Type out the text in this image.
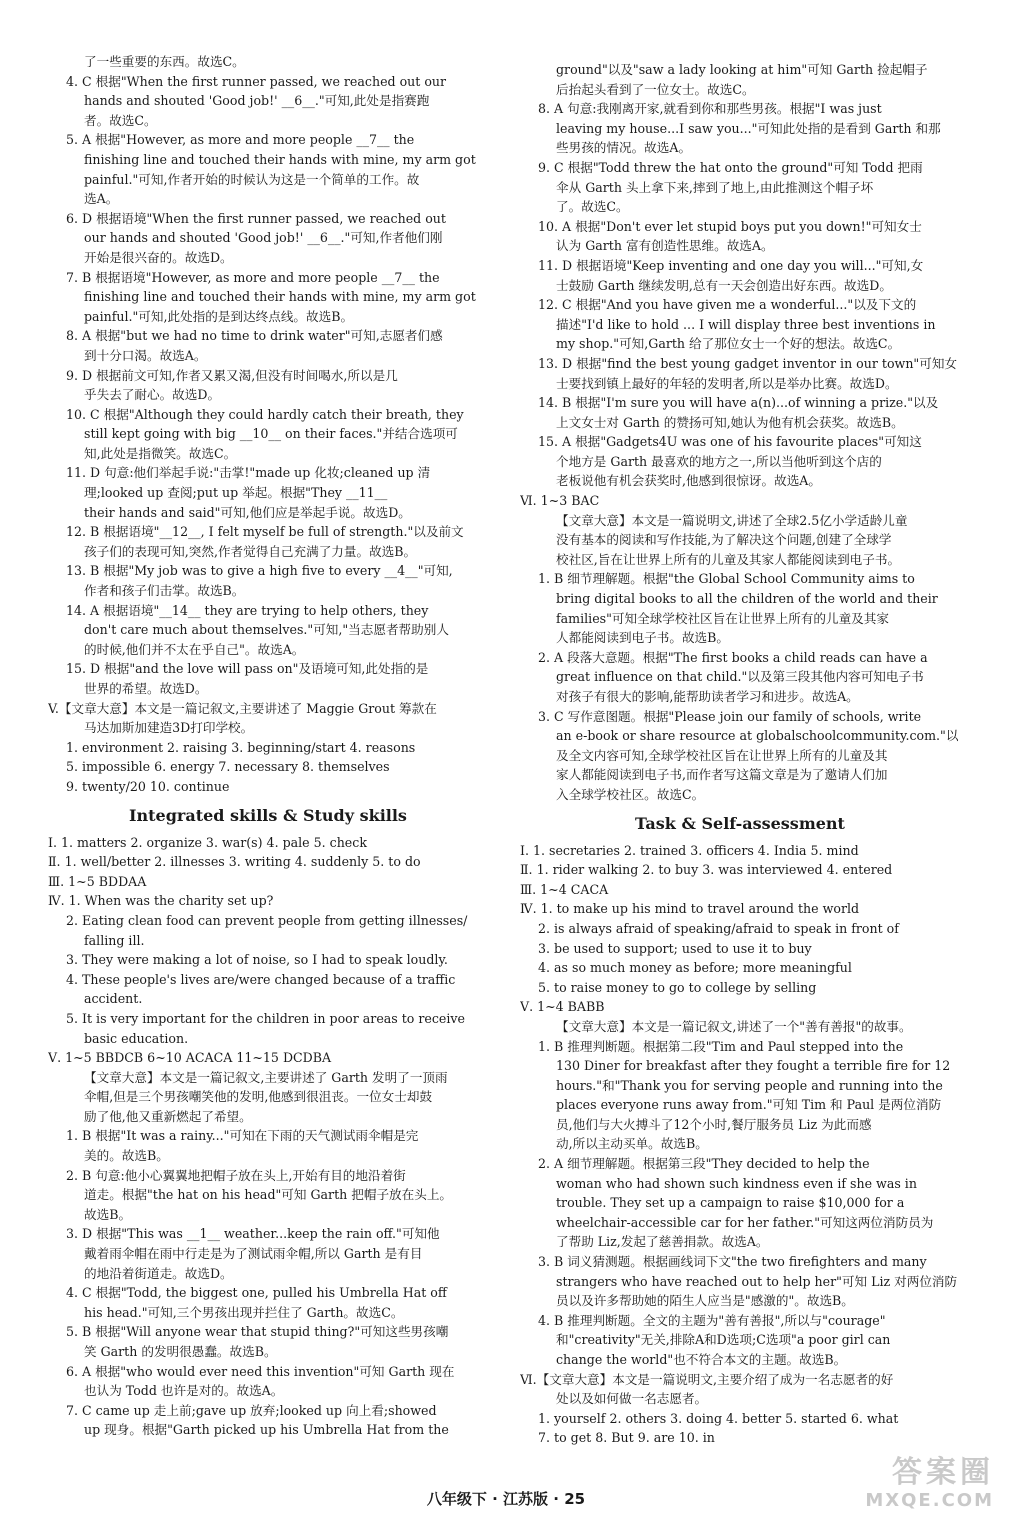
了一些重要的东西。故选C。
4. C 根据"When the first runner passed, we reached out our
hands and shouted 'Good job!' __6__."可知,此处是指赛跑
者。故选C。
5. A 根据"However, as more and more people __7__ the
finishing line and touched their hands with mine, my arm got
painful."可知,作者开始的时候认为这是一个简单的工作。故
选A。
6. D 根据语境"When the first runner passed, we reached out
our hands and shouted 'Good job!' __6__."可知,作者他们刚
开始是很兴奋的。故选D。
7. B 根据语境"However, as more and more people __7__ the
finishing line and touched their hands with mine, my arm got
painful."可知,此处指的是到达终点线。故选B。
8. A 根据"but we had no time to drink water"可知,志愿者们感
到十分口渴。故选A。
9. D 根据前文可知,作者又累又渴,但没有时间喝水,所以是几
乎失去了耐心。故选D。
10. C 根据"Although they could hardly catch their breath, they
still kept going with big __10__ on their faces."并结合选项可
知,此处是指微笑。故选C。
11. D 句意:他们举起手说:"击掌!"made up 化妆;cleaned up 清
理;looked up 查阅;put up 举起。根据"They __11__
their hands and said"可知,他们应是举起手说。故选D。
12. B 根据语境"__12__, I felt myself be full of strength."以及前文
孩子们的表现可知,突然,作者觉得自己充满了力量。故选B。
13. B 根据"My job was to give a high five to every __4__"可知,
作者和孩子们击掌。故选B。
14. A 根据语境"__14__ they are trying to help others, they
don't care much about themselves."可知,"当志愿者帮助别人
的时候,他们并不太在乎自己"。故选A。
15. D 根据"and the love will pass on"及语境可知,此处指的是
世界的希望。故选D。
V.【文章大意】本文是一篇记叙文,主要讲述了 Maggie Grout 筹款在
马达加斯加建造3D打印学校。
1. environment 2. raising 3. beginning/start 4. reasons
5. impossible 6. energy 7. necessary 8. themselves
9. twenty/20 10. continue
Integrated skills & Study skills
Ⅰ. 1. matters 2. organize 3. war(s) 4. pale 5. check
Ⅱ. 1. well/better 2. illnesses 3. writing 4. suddenly 5. to do
Ⅲ. 1~5 BDDAA
Ⅳ. 1. When was the charity set up?
2. Eating clean food can prevent people from getting illnesses/
falling ill.
3. They were making a lot of noise, so I had to speak loudly.
4. These people's lives are/were changed because of a traffic
accident.
5. It is very important for the children in poor areas to receive
basic education.
Ⅴ. 1~5 BBDCB 6~10 ACACA 11~15 DCDBA
【文章大意】本文是一篇记叙文,主要讲述了 Garth 发明了一顶雨
伞帽,但是三个男孩嘲笑他的发明,他感到很沮丧。一位女士却鼓
励了他,他又重新燃起了希望。
1. B 根据"It was a rainy..."可知在下雨的天气测试雨伞帽是完
美的。故选B。
2. B 句意:他小心翼翼地把帽子放在头上,开始有目的地沿着街
道走。根据"the hat on his head"可知 Garth 把帽子放在头上。
故选B。
3. D 根据"This was __1__ weather...keep the rain off."可知他
戴着雨伞帽在雨中行走是为了测试雨伞帽,所以 Garth 是有目
的地沿着街道走。故选D。
4. C 根据"Todd, the biggest one, pulled his Umbrella Hat off
his head."可知,三个男孩出现并拦住了 Garth。故选C。
5. B 根据"Will anyone wear that stupid thing?"可知这些男孩嘲
笑 Garth 的发明很愚蠢。故选B。
6. A 根据"who would ever need this invention"可知 Garth 现在
也认为 Todd 也许是对的。故选A。
7. C came up 走上前;gave up 放弃;looked up 向上看;showed
up 现身。根据"Garth picked up his Umbrella Hat from the
ground"以及"saw a lady looking at him"可知 Garth 捡起帽子
后抬起头看到了一位女士。故选C。
8. A 句意:我刚离开家,就看到你和那些男孩。根据"I was just
leaving my house...I saw you..."可知此处指的是看到 Garth 和那
些男孩的情况。故选A。
9. C 根据"Todd threw the hat onto the ground"可知 Todd 把雨
伞从 Garth 头上拿下来,摔到了地上,由此推测这个帽子坏
了。故选C。
10. A 根据"Don't ever let stupid boys put you down!"可知女士
认为 Garth 富有创造性思维。故选A。
11. D 根据语境"Keep inventing and one day you will..."可知,女
士鼓励 Garth 继续发明,总有一天会创造出好东西。故选D。
12. C 根据"And you have given me a wonderful..."以及下文的
描述"I'd like to hold ... I will display three best inventions in
my shop."可知,Garth 给了那位女士一个好的想法。故选C。
13. D 根据"find the best young gadget inventor in our town"可知女
士要找到镇上最好的年轻的发明者,所以是举办比赛。故选D。
14. B 根据"I'm sure you will have a(n)...of winning a prize."以及
上文女士对 Garth 的赞扬可知,她认为他有机会获奖。故选B。
15. A 根据"Gadgets4U was one of his favourite places"可知这
个地方是 Garth 最喜欢的地方之一,所以当他听到这个店的
老板说他有机会获奖时,他感到很惊讶。故选A。
Ⅵ. 1~3 BAC
【文章大意】本文是一篇说明文,讲述了全球2.5亿小学适龄儿童
没有基本的阅读和写作技能,为了解决这个问题,创建了全球学
校社区,旨在让世界上所有的儿童及其家人都能阅读到电子书。
1. B 细节理解题。根据"the Global School Community aims to
bring digital books to all the children of the world and their
families"可知全球学校社区旨在让世界上所有的儿童及其家
人都能阅读到电子书。故选B。
2. A 段落大意题。根据"The first books a child reads can have a
great influence on that child."以及第三段其他内容可知电子书
对孩子有很大的影响,能帮助读者学习和进步。故选A。
3. C 写作意图题。根据"Please join our family of schools, write
an e-book or share resource at globalschoolcommunity.com."以
及全文内容可知,全球学校社区旨在让世界上所有的儿童及其
家人都能阅读到电子书,而作者写这篇文章是为了邀请人们加
入全球学校社区。故选C。
Task & Self-assessment
Ⅰ. 1. secretaries 2. trained 3. officers 4. India 5. mind
Ⅱ. 1. rider walking 2. to buy 3. was interviewed 4. entered
Ⅲ. 1~4 CACA
Ⅳ. 1. to make up his mind to travel around the world
2. is always afraid of speaking/afraid to speak in front of
3. be used to support; used to use it to buy
4. as so much money as before; more meaningful
5. to raise money to go to college by selling
Ⅴ. 1~4 BABB
【文章大意】本文是一篇记叙文,讲述了一个"善有善报"的故事。
1. B 推理判断题。根据第二段"Tim and Paul stepped into the
130 Diner for breakfast after they fought a terrible fire for 12
hours."和"Thank you for serving people and running into the
places everyone runs away from."可知 Tim 和 Paul 是两位消防
员,他们与大火搏斗了12个小时,餐厅服务员 Liz 为此而感
动,所以主动买单。故选B。
2. A 细节理解题。根据第三段"They decided to help the
woman who had shown such kindness even if she was in
trouble. They set up a campaign to raise $10,000 for a
wheelchair-accessible car for her father."可知这两位消防员为
了帮助 Liz,发起了慈善捐款。故选A。
3. B 词义猜测题。根据画线词下文"the two firefighters and many
strangers who have reached out to help her"可知 Liz 对两位消防
员以及许多帮助她的陌生人应当是"感激的"。故选B。
4. B 推理判断题。全文的主题为"善有善报",所以与"courage"
和"creativity"无关,排除A和D选项;C选项"a poor girl can
change the world"也不符合本文的主题。故选B。
Ⅵ.【文章大意】本文是一篇说明文,主要介绍了成为一名志愿者的好
处以及如何做一名志愿者。
1. yourself 2. others 3. doing 4. better 5. started 6. what
7. to get 8. But 9. are 10. in
八年级下 · 江苏版 · 25
答案圈
MXQE.COM
